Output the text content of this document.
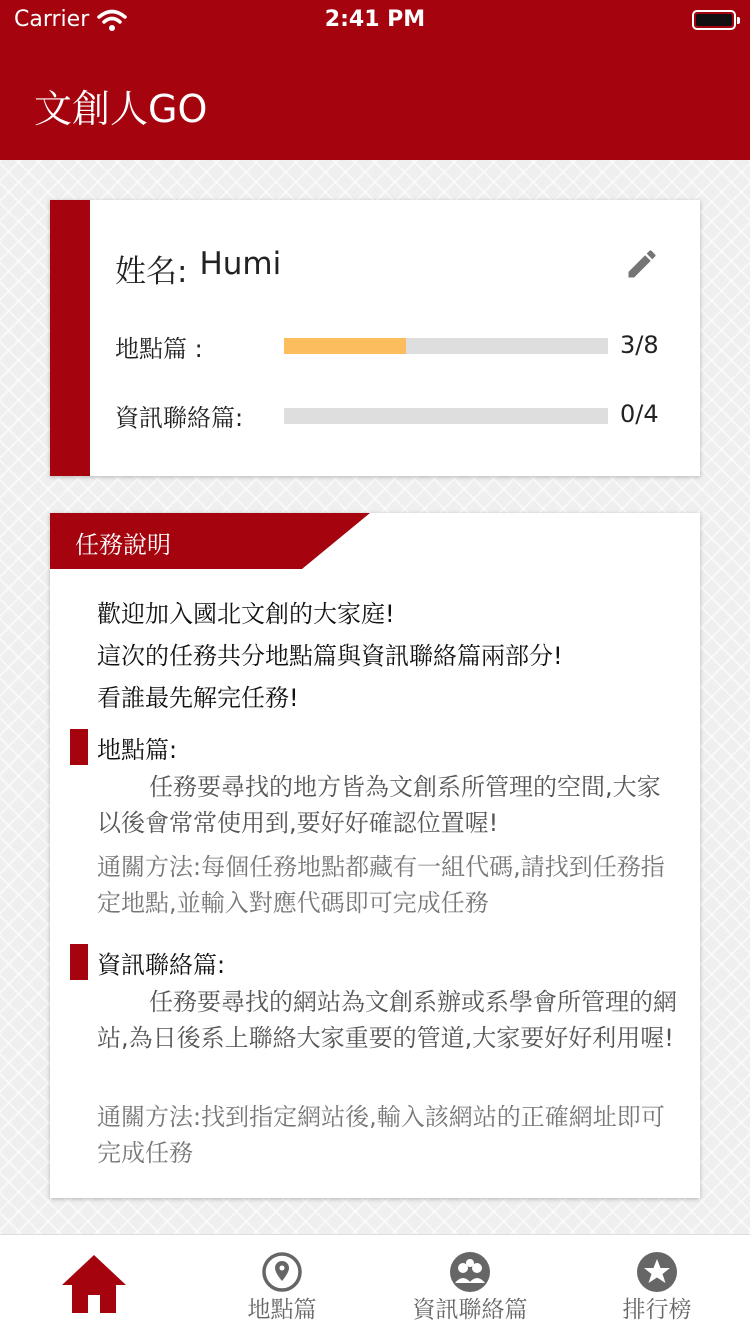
Carrier	2:41 PM
文創人GO
姓名: Humi
地點篇 :	3/8
資訊聯絡篇:	0/4
任務說明
歡迎加入國北文創的大家庭!
這次的任務共分地點篇與資訊聯絡篇兩部分!
看誰最先解完任務!
地點篇:
任務要尋找的地方皆為文創系所管理的空間,大家以後會常常使用到,要好好確認位置喔!
通關方法:每個任務地點都藏有一組代碼,請找到任務指定地點,並輸入對應代碼即可完成任務
資訊聯絡篇:
任務要尋找的網站為文創系辦或系學會所管理的網站,為日後系上聯絡大家重要的管道,大家要好好利用喔!
通關方法:找到指定網站後,輸入該網站的正確網址即可完成任務
地點篇	資訊聯絡篇	排行榜
